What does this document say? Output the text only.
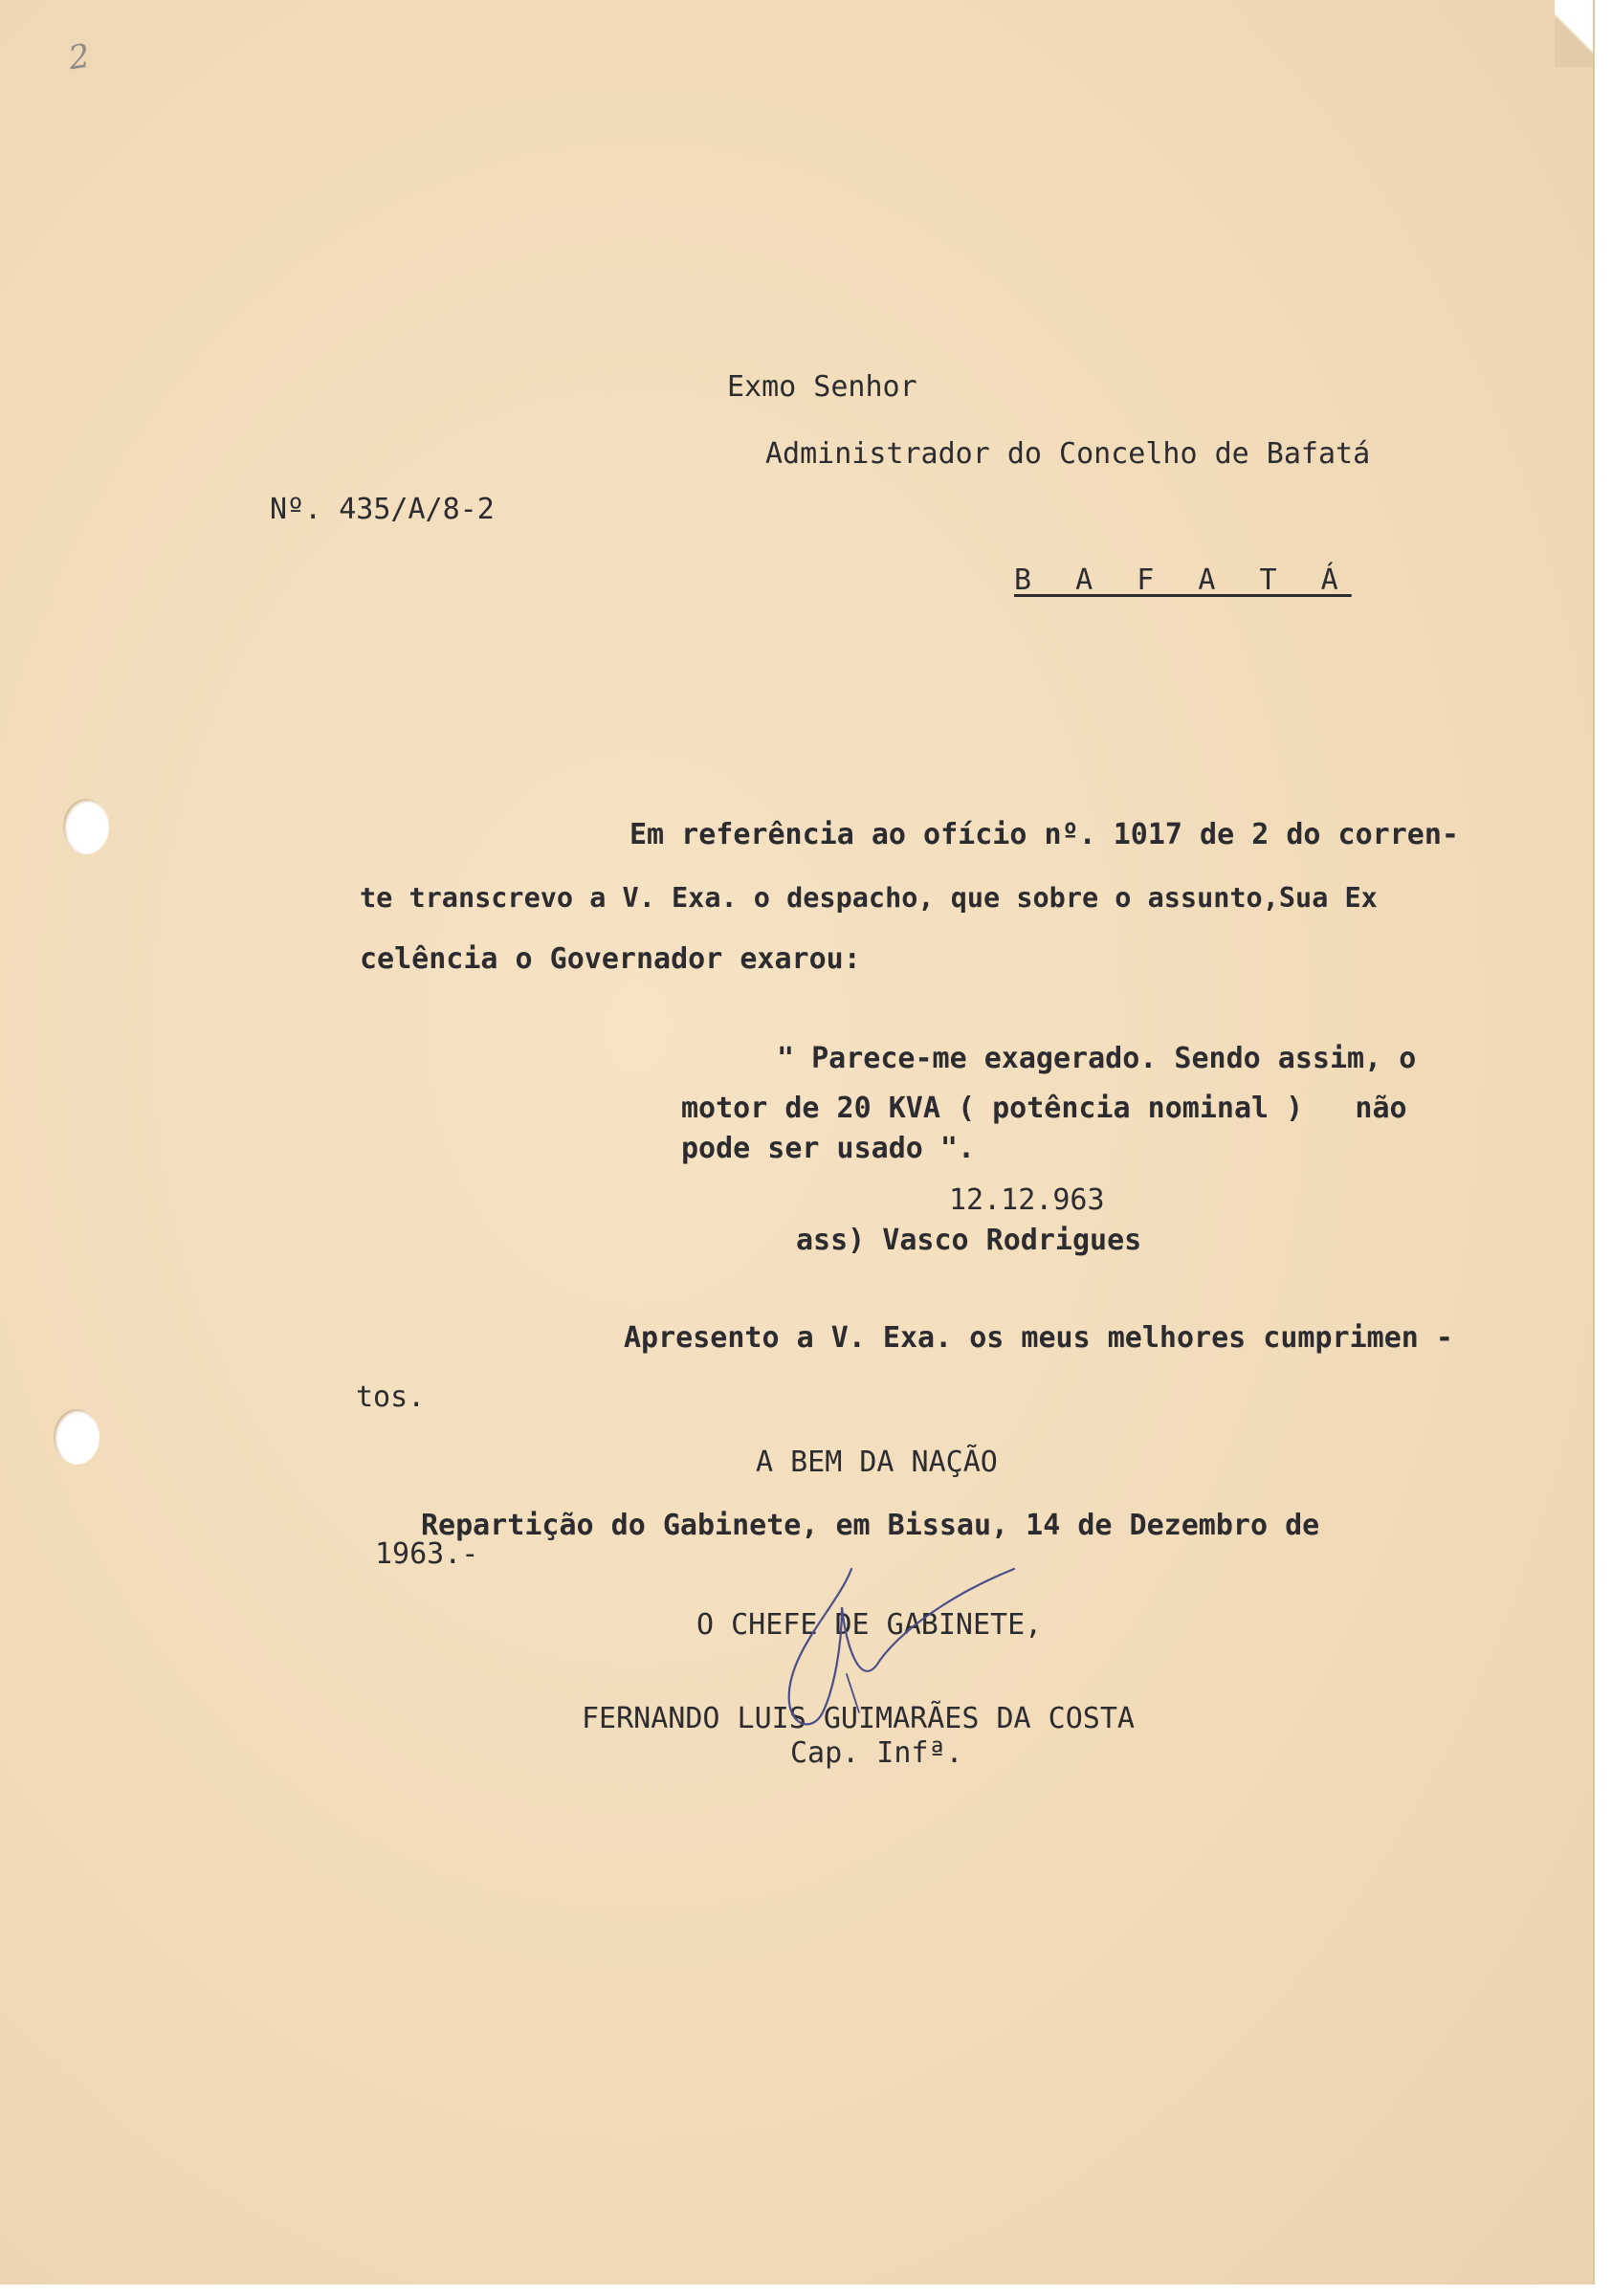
2

Exmo Senhor

Administrador do Concelho de Bafatá

Nº. 435/A/8-2

B A F A T Á

Em referência ao ofício nº. 1017 de 2 do corren-

te transcrevo a V. Exa. o despacho, que sobre o assunto,Sua Ex

celência o Governador exarou:

" Parece-me exagerado. Sendo assim, o

motor de 20 KVA ( potência nominal )   não

pode ser usado ".

12.12.963

ass) Vasco Rodrigues

Apresento a V. Exa. os meus melhores cumprimen -

tos.

A BEM DA NAÇÃO

Repartição do Gabinete, em Bissau, 14 de Dezembro de

1963.-

O CHEFE DE GABINETE,

FERNANDO LUIS GUIMARÃES DA COSTA

Cap. Infª.
